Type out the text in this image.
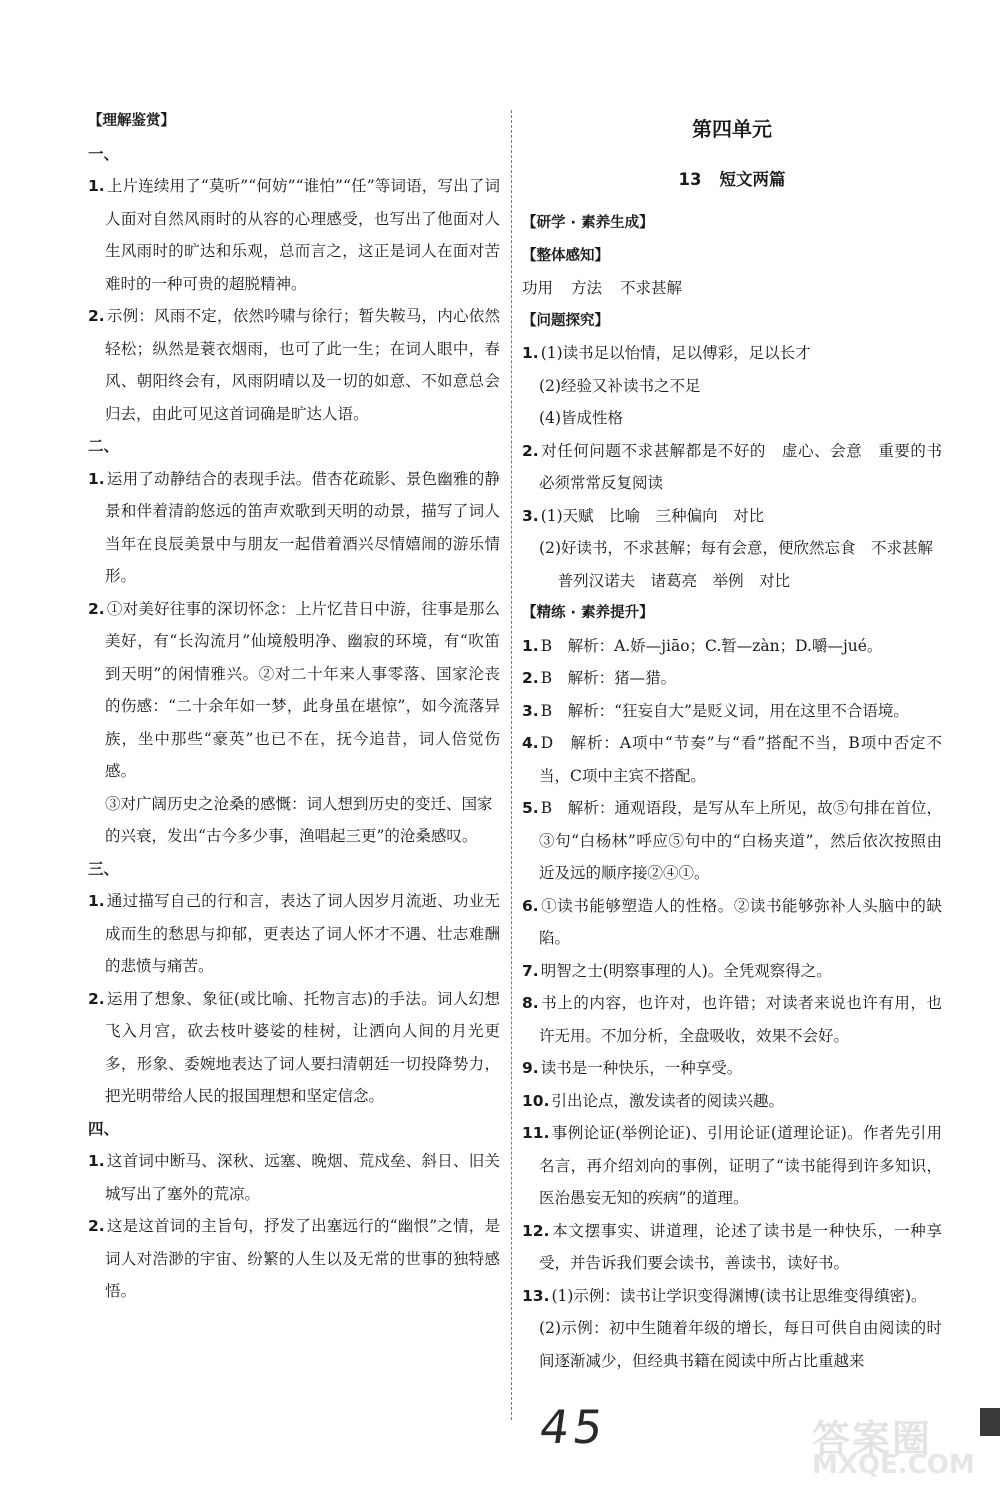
【理解鉴赏】
一、
1. 上片连续用了“莫听”“何妨”“谁怕”“任”等词语，写出了词人面对自然风雨时的从容的心理感受，也写出了他面对人生风雨时的旷达和乐观，总而言之，这正是词人在面对苦难时的一种可贵的超脱精神。
2. 示例：风雨不定，依然吟啸与徐行；暂失鞍马，内心依然轻松；纵然是蓑衣烟雨，也可了此一生；在词人眼中，春风、朝阳终会有，风雨阴晴以及一切的如意、不如意总会归去，由此可见这首词确是旷达人语。
二、
1. 运用了动静结合的表现手法。借杏花疏影、景色幽雅的静景和伴着清韵悠远的笛声欢歌到天明的动景，描写了词人当年在良辰美景中与朋友一起借着酒兴尽情嬉闹的游乐情形。
2. ①对美好往事的深切怀念：上片忆昔日中游，往事是那么美好，有“长沟流月”仙境般明净、幽寂的环境，有“吹笛到天明”的闲情雅兴。②对二十年来人事零落、国家沦丧的伤感：“二十余年如一梦，此身虽在堪惊”，如今流落异族，坐中那些“豪英”也已不在，抚今追昔，词人倍觉伤感。
③对广阔历史之沧桑的感慨：词人想到历史的变迁、国家的兴衰，发出“古今多少事，渔唱起三更”的沧桑感叹。
三、
1. 通过描写自己的行和言，表达了词人因岁月流逝、功业无成而生的愁思与抑郁，更表达了词人怀才不遇、壮志难酬的悲愤与痛苦。
2. 运用了想象、象征(或比喻、托物言志)的手法。词人幻想飞入月宫，砍去枝叶婆娑的桂树，让洒向人间的月光更多，形象、委婉地表达了词人要扫清朝廷一切投降势力，把光明带给人民的报国理想和坚定信念。
四、
1. 这首词中断马、深秋、远塞、晚烟、荒戍垒、斜日、旧关城写出了塞外的荒凉。
2. 这是这首词的主旨句，抒发了出塞远行的“幽恨”之情，是词人对浩渺的宇宙、纷繁的人生以及无常的世事的独特感悟。
第四单元
13 短文两篇
【研学 · 素养生成】
【整体感知】
功用 方法 不求甚解
【问题探究】
1. (1)读书足以怡情，足以傅彩，足以长才
(2)经验又补读书之不足
(4)皆成性格
2. 对任何问题不求甚解都是不好的　虚心、会意　重要的书必须常常反复阅读
3. (1)天赋　比喻　三种偏向　对比
(2)好读书，不求甚解；每有会意，便欣然忘食　不求甚解
普列汉诺夫　诸葛亮　举例　对比
【精练 · 素养提升】
1. B　解析：A.娇—jiāo；C.暂—zàn；D.嚼—jué。
2. B　解析：猪—猎。
3. B　解析：“狂妄自大”是贬义词，用在这里不合语境。
4. D　解析：A项中“节奏”与“看”搭配不当，B项中否定不当，C项中主宾不搭配。
5. B　解析：通观语段，是写从车上所见，故⑤句排在首位，③句“白杨林”呼应⑤句中的“白杨夹道”，然后依次按照由近及远的顺序接②④①。
6. ①读书能够塑造人的性格。②读书能够弥补人头脑中的缺陷。
7. 明智之士(明察事理的人)。全凭观察得之。
8. 书上的内容，也许对，也许错；对读者来说也许有用，也许无用。不加分析，全盘吸收，效果不会好。
9. 读书是一种快乐，一种享受。
10. 引出论点，激发读者的阅读兴趣。
11. 事例论证(举例论证)、引用论证(道理论证)。作者先引用名言，再介绍刘向的事例，证明了“读书能得到许多知识，医治愚妄无知的疾病”的道理。
12. 本文摆事实、讲道理，论述了读书是一种快乐，一种享受，并告诉我们要会读书，善读书，读好书。
13. (1)示例：读书让学识变得渊博(读书让思维变得缜密)。
(2)示例：初中生随着年级的增长，每日可供自由阅读的时间逐渐减少，但经典书籍在阅读中所占比重越来
45	答案圈
MXQE.COM
